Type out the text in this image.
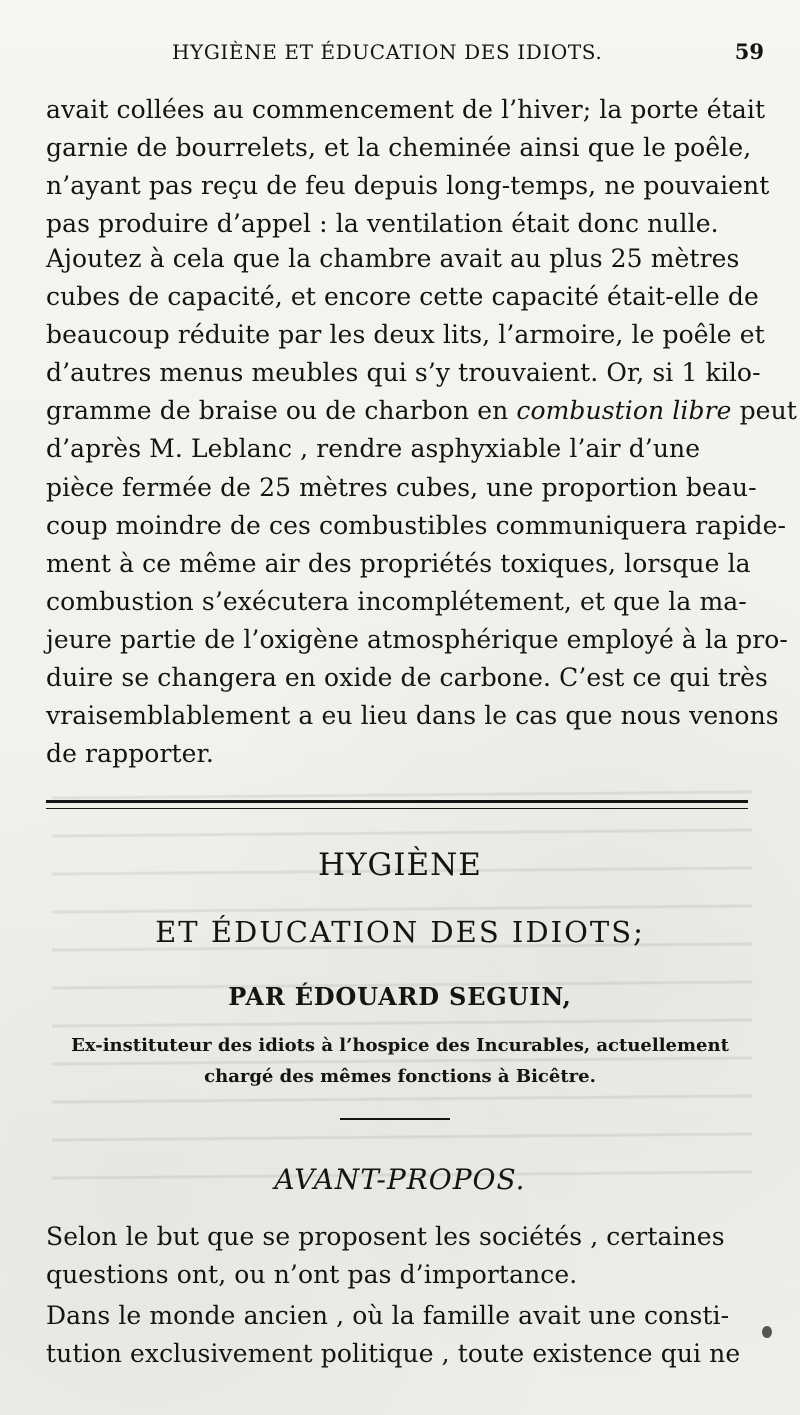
HYGIÈNE ET ÉDUCATION DES IDIOTS.	59

avait collées au commencement de l’hiver; la porte était
garnie de bourrelets, et la cheminée ainsi que le poêle,
n’ayant pas reçu de feu depuis long-temps, ne pouvaient
pas produire d’appel : la ventilation était donc nulle.

Ajoutez à cela que la chambre avait au plus 25 mètres
cubes de capacité, et encore cette capacité était-elle de
beaucoup réduite par les deux lits, l’armoire, le poêle et
d’autres menus meubles qui s’y trouvaient. Or, si 1 kilo-
gramme de braise ou de charbon en combustion libre peut
d’après M. Leblanc , rendre asphyxiable l’air d’une
pièce fermée de 25 mètres cubes, une proportion beau-
coup moindre de ces combustibles communiquera rapide-
ment à ce même air des propriétés toxiques, lorsque la
combustion s’exécutera incomplétement, et que la ma-
jeure partie de l’oxigène atmosphérique employé à la pro-
duire se changera en oxide de carbone. C’est ce qui très
vraisemblablement a eu lieu dans le cas que nous venons
de rapporter.

HYGIÈNE
ET ÉDUCATION DES IDIOTS;
PAR ÉDOUARD SEGUIN,
Ex-instituteur des idiots à l’hospice des Incurables, actuellement
chargé des mêmes fonctions à Bicêtre.
AVANT-PROPOS.

Selon le but que se proposent les sociétés , certaines
questions ont, ou n’ont pas d’importance.

Dans le monde ancien , où la famille avait une consti-
tution exclusivement politique , toute existence qui ne
